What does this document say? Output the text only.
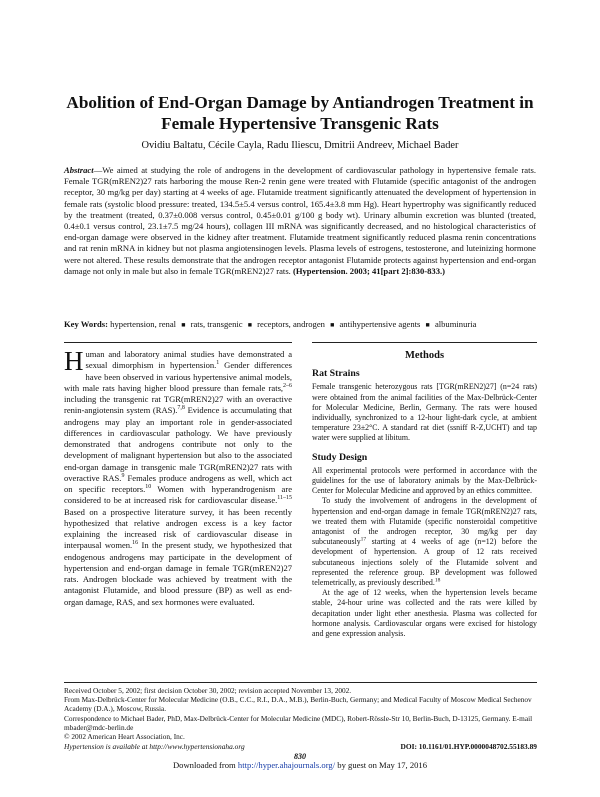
Abolition of End-Organ Damage by Antiandrogen Treatment in Female Hypertensive Transgenic Rats
Ovidiu Baltatu, Cécile Cayla, Radu Iliescu, Dmitrii Andreev, Michael Bader
Abstract—We aimed at studying the role of androgens in the development of cardiovascular pathology in hypertensive female rats. Female TGR(mREN2)27 rats harboring the mouse Ren-2 renin gene were treated with Flutamide (specific antagonist of the androgen receptor, 30 mg/kg per day) starting at 4 weeks of age. Flutamide treatment significantly attenuated the development of hypertension in female rats (systolic blood pressure: treated, 134.5±5.4 versus control, 165.4±3.8 mm Hg). Heart hypertrophy was significantly reduced by the treatment (treated, 0.37±0.008 versus control, 0.45±0.01 g/100 g body wt). Urinary albumin excretion was blunted (treated, 0.4±0.1 versus control, 23.1±7.5 mg/24 hours), collagen III mRNA was significantly decreased, and no histological characteristics of end-organ damage were observed in the kidney after treatment. Flutamide treatment significantly reduced plasma renin concentrations and rat renin mRNA in kidney but not plasma angiotensinogen levels. Plasma levels of estrogens, testosterone, and luteinizing hormone were not altered. These results demonstrate that the androgen receptor antagonist Flutamide protects against hypertension and end-organ damage not only in male but also in female TGR(mREN2)27 rats. (Hypertension. 2003; 41[part 2]:830-833.)
Key Words: hypertension, renal ■ rats, transgenic ■ receptors, androgen ■ antihypertensive agents ■ albuminuria
Human and laboratory animal studies have demonstrated a sexual dimorphism in hypertension.$^1$ Gender differences have been observed in various hypertensive animal models, with male rats having higher blood pressure than female rats,$^{2-6}$ including the transgenic rat TGR(mREN2)27 with an overactive renin-angiotensin system (RAS).$^{7,8}$ Evidence is accumulating that androgens may play an important role in gender-associated differences in cardiovascular pathology. We have previously demonstrated that androgens contribute not only to the development of malignant hypertension but also to the associated end-organ damage in transgenic male TGR(mREN2)27 rats with overactive RAS.$^9$ Females produce androgens as well, which act on specific receptors.$^{10}$ Women with hyperandrogenism are considered to be at increased risk for cardiovascular disease.$^{11-15}$ Based on a prospective literature survey, it has been recently hypothesized that relative androgen excess is a key factor explaining the increased risk of cardiovascular disease in interpausal women.$^{16}$ In the present study, we hypothesized that endogenous androgens may participate in the development of hypertension and end-organ damage in female TGR(mREN2)27 rats. Androgen blockade was achieved by treatment with the antagonist Flutamide, and blood pressure (BP) as well as end-organ damage, RAS, and sex hormones were evaluated.
Methods
Rat Strains

Female transgenic heterozygous rats [TGR(mREN2)27] (n=24 rats) were obtained from the animal facilities of the Max-Delbrück-Center for Molecular Medicine, Berlin, Germany. The rats were housed individually, synchronized to a 12-hour light-dark cycle, at ambient temperature 23±2°C. A standard rat diet (ssniff R-Z,UCHT) and tap water were supplied at libitum.

Study Design

All experimental protocols were performed in accordance with the guidelines for the use of laboratory animals by the Max-Delbrück-Center for Molecular Medicine and approved by an ethics committee.

To study the involvement of androgens in the development of hypertension and end-organ damage in female TGR(mREN2)27 rats, we treated them with Flutamide (specific nonsteroidal competitive antagonist of the androgen receptor, 30 mg/kg per day subcutaneously$^{17}$ starting at 4 weeks of age (n=12) before the development of hypertension. A group of 12 rats received subcutaneous injections solely of the Flutamide solvent and represented the reference group. BP development was followed telemetrically, as previously described.$^{18}$

At the age of 12 weeks, when the hypertension levels became stable, 24-hour urine was collected and the rats were killed by decapitation under light ether anesthesia. Plasma was collected for hormone analysis. Cardiovascular organs were excised for histology and gene expression analysis.

Received October 5, 2002; first decision October 30, 2002; revision accepted November 13, 2002.

From Max-Delbrück-Center for Molecular Medicine (O.B., C.C., R.I., D.A., M.B.), Berlin-Buch, Germany; and Medical Faculty of Moscow Medical Sechenov Academy (D.A.), Moscow, Russia.

Correspondence to Michael Bader, PhD, Max-Delbrück-Center for Molecular Medicine (MDC), Robert-Rössle-Str 10, Berlin-Buch, D-13125, Germany. E-mail mbader@mdc-berlin.de

© 2002 American Heart Association, Inc.

Hypertension is available at http://www.hypertensionaha.org	DOI: 10.1161/01.HYP.0000048702.55183.89
830
Downloaded from http://hyper.ahajournals.org/ by guest on May 17, 2016
